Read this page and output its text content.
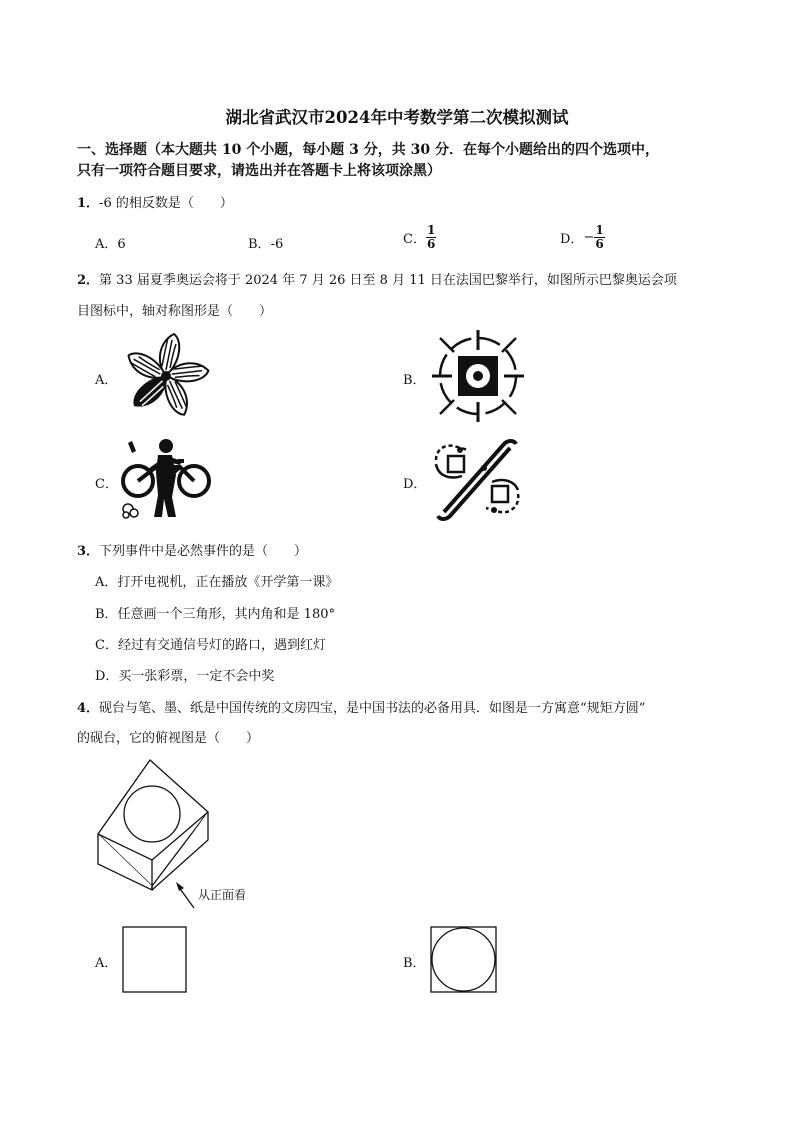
湖北省武汉市2024年中考数学第二次模拟测试
一、选择题（本大题共 10 个小题，每小题 3 分，共 30 分．在每个小题给出的四个选项中，
只有一项符合题目要求，请选出并在答题卡上将该项涂黑）
1．-6 的相反数是（　　）
A．6	B．-6	C． $\frac{1}{6}$	D．− $\frac{1}{6}$
2．第 33 届夏季奥运会将于 2024 年 7 月 26 日至 8 月 11 日在法国巴黎举行，如图所示巴黎奥运会项
目图标中，轴对称图形是（　　）
A．	B．
C．	D．
3．下列事件中是必然事件的是（　　）
A．打开电视机，正在播放《开学第一课》
B．任意画一个三角形，其内角和是 180°
C．经过有交通信号灯的路口，遇到红灯
D．买一张彩票，一定不会中奖
4．砚台与笔、墨、纸是中国传统的文房四宝，是中国书法的必备用具．如图是一方寓意“规矩方圆”
的砚台，它的俯视图是（　　）
从正面看
A．	B．
